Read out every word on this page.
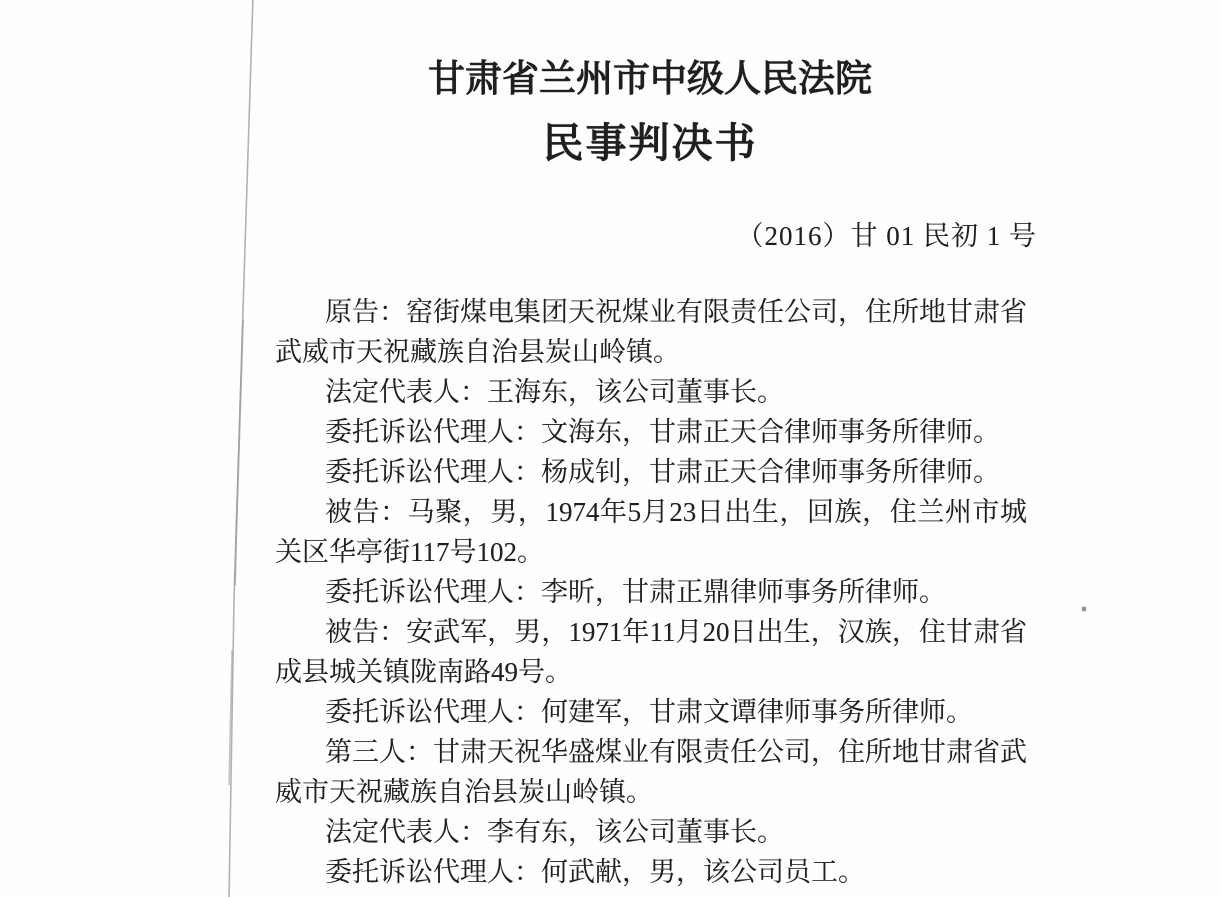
甘肃省兰州市中级人民法院
民事判决书
（2016）甘 01 民初 1 号

原告：窑街煤电集团天祝煤业有限责任公司，住所地甘肃省武威市天祝藏族自治县炭山岭镇。

法定代表人：王海东，该公司董事长。

委托诉讼代理人：文海东，甘肃正天合律师事务所律师。

委托诉讼代理人：杨成钊，甘肃正天合律师事务所律师。

被告：马聚，男，1974年5月23日出生，回族，住兰州市城关区华亭街117号102。

委托诉讼代理人：李昕，甘肃正鼎律师事务所律师。

被告：安武军，男，1971年11月20日出生，汉族，住甘肃省成县城关镇陇南路49号。

委托诉讼代理人：何建军，甘肃文谭律师事务所律师。

第三人：甘肃天祝华盛煤业有限责任公司，住所地甘肃省武威市天祝藏族自治县炭山岭镇。

法定代表人：李有东，该公司董事长。

委托诉讼代理人：何武献，男，该公司员工。
